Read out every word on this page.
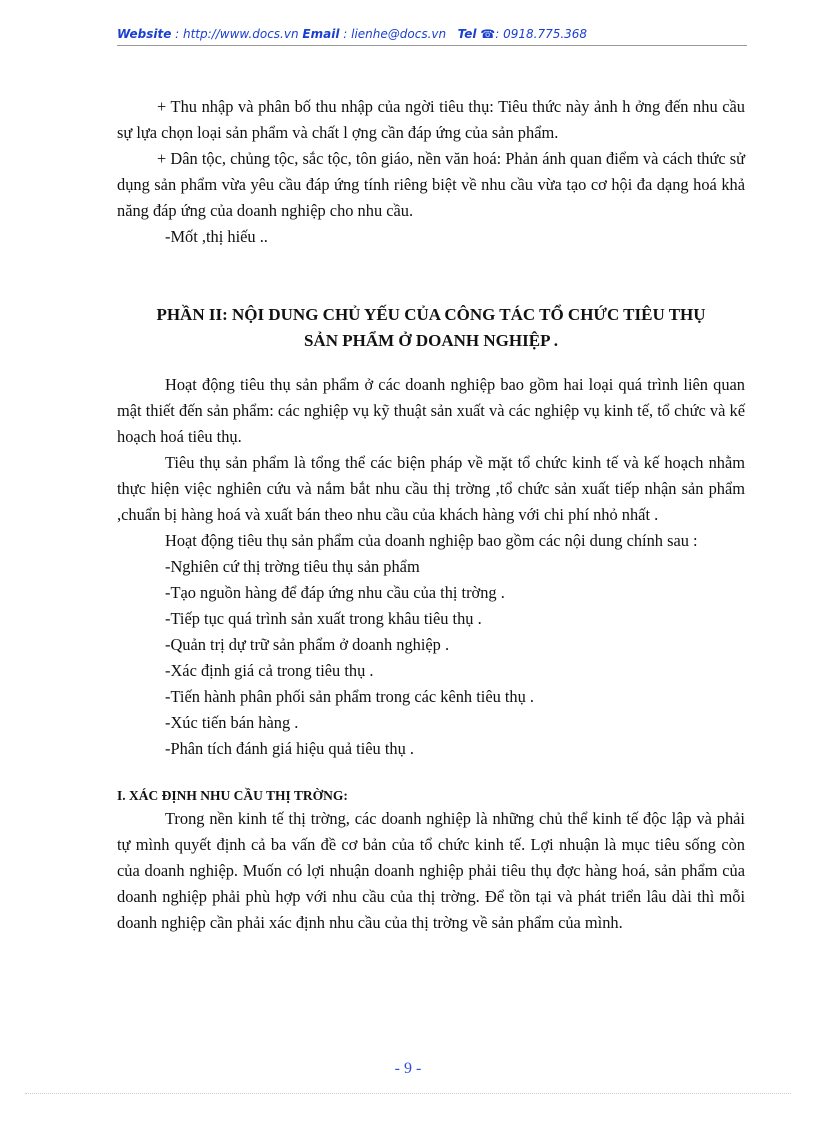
Website : http://www.docs.vn Email : lienhe@docs.vn Tel ☎: 0918.775.368

+ Thu nhập và phân bố thu nhập của ngời tiêu thụ: Tiêu thức này ảnh h ởng đến nhu cầu sự lựa chọn loại sản phẩm và chất l ợng cần đáp ứng của sản phẩm.

+ Dân tộc, chủng tộc, sắc tộc, tôn giáo, nền văn hoá: Phản ánh quan điểm và cách thức sử dụng sản phẩm vừa yêu cầu đáp ứng tính riêng biệt về nhu cầu vừa tạo cơ hội đa dạng hoá khả năng đáp ứng của doanh nghiệp cho nhu cầu.

-Mốt ,thị hiếu ..

PHẦN II: NỘI DUNG CHỦ YẾU CỦA CÔNG TÁC TỔ CHỨC TIÊU THỤ

SẢN PHẨM Ở DOANH NGHIỆP .

Hoạt động tiêu thụ sản phẩm ở các doanh nghiệp bao gồm hai loại quá trình liên quan mật thiết đến sản phẩm: các nghiệp vụ kỹ thuật sản xuất và các nghiệp vụ kinh tế, tổ chức và kế hoạch hoá tiêu thụ.

Tiêu thụ sản phẩm là tổng thể các biện pháp về mặt tổ chức kinh tế và kế hoạch nhằm thực hiện việc nghiên cứu và nắm bắt nhu cầu thị trờng ,tổ chức sản xuất tiếp nhận sản phẩm ,chuẩn bị hàng hoá và xuất bán theo nhu cầu của khách hàng với chi phí nhỏ nhất .

Hoạt động tiêu thụ sản phẩm của doanh nghiệp bao gồm các nội dung chính sau :

-Nghiên cứ thị trờng tiêu thụ sản phẩm

-Tạo nguồn hàng để đáp ứng nhu cầu của thị trờng .

-Tiếp tục quá trình sản xuất trong khâu tiêu thụ .

-Quản trị dự trữ sản phẩm ở doanh nghiệp .

-Xác định giá cả trong tiêu thụ .

-Tiến hành phân phối sản phẩm trong các kênh tiêu thụ .

-Xúc tiến bán hàng .

-Phân tích đánh giá hiệu quả tiêu thụ .

I. XÁC ĐỊNH NHU CẦU THỊ TRỜNG:

Trong nền kinh tế thị trờng, các doanh nghiệp là những chủ thể kinh tế độc lập và phải tự mình quyết định cả ba vấn đề cơ bản của tổ chức kinh tế. Lợi nhuận là mục tiêu sống còn của doanh nghiệp. Muốn có lợi nhuận doanh nghiệp phải tiêu thụ đợc hàng hoá, sản phẩm của doanh nghiệp phải phù hợp với nhu cầu của thị trờng. Để tồn tại và phát triển lâu dài thì mỗi doanh nghiệp cần phải xác định nhu cầu của thị trờng về sản phẩm của mình.

- 9 -
